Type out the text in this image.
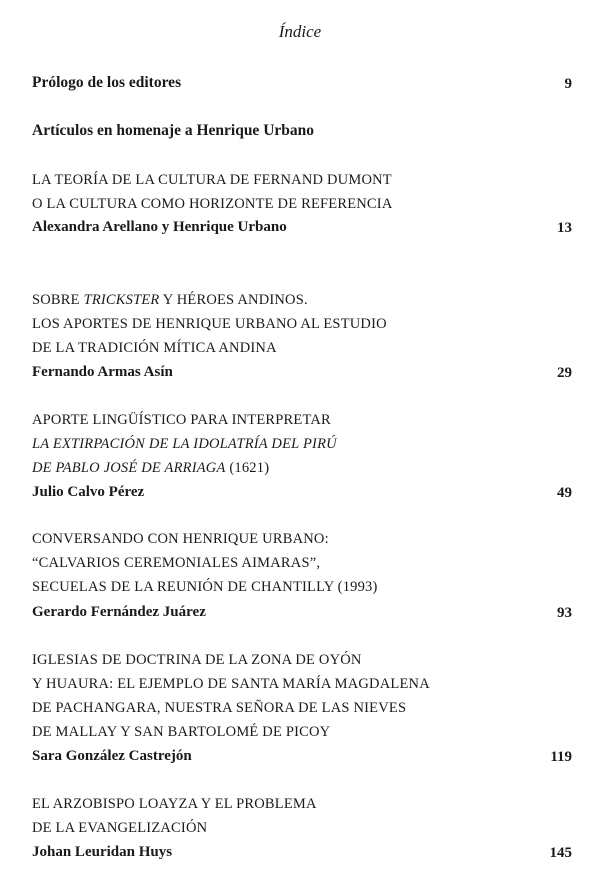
Índice
Prólogo de los editores	9
Artículos en homenaje a Henrique Urbano
LA TEORÍA DE LA CULTURA DE FERNAND DUMONT
O LA CULTURA COMO HORIZONTE DE REFERENCIA
Alexandra Arellano y Henrique Urbano	13
SOBRE TRICKSTER Y HÉROES ANDINOS.
LOS APORTES DE HENRIQUE URBANO AL ESTUDIO
DE LA TRADICIÓN MÍTICA ANDINA
Fernando Armas Asín	29
APORTE LINGÜÍSTICO PARA INTERPRETAR
LA EXTIRPACIÓN DE LA IDOLATRÍA DEL PIRÚ
DE PABLO JOSÉ DE ARRIAGA (1621)
Julio Calvo Pérez	49
CONVERSANDO CON HENRIQUE URBANO:
“CALVARIOS CEREMONIALES AIMARAS”,
SECUELAS DE LA REUNIÓN DE CHANTILLY (1993)
Gerardo Fernández Juárez	93
IGLESIAS DE DOCTRINA DE LA ZONA DE OYÓN
Y HUAURA: EL EJEMPLO DE SANTA MARÍA MAGDALENA
DE PACHANGARA, NUESTRA SEÑORA DE LAS NIEVES
DE MALLAY Y SAN BARTOLOMÉ DE PICOY
Sara González Castrejón	119
EL ARZOBISPO LOAYZA Y EL PROBLEMA
DE LA EVANGELIZACIÓN
Johan Leuridan Huys	145
